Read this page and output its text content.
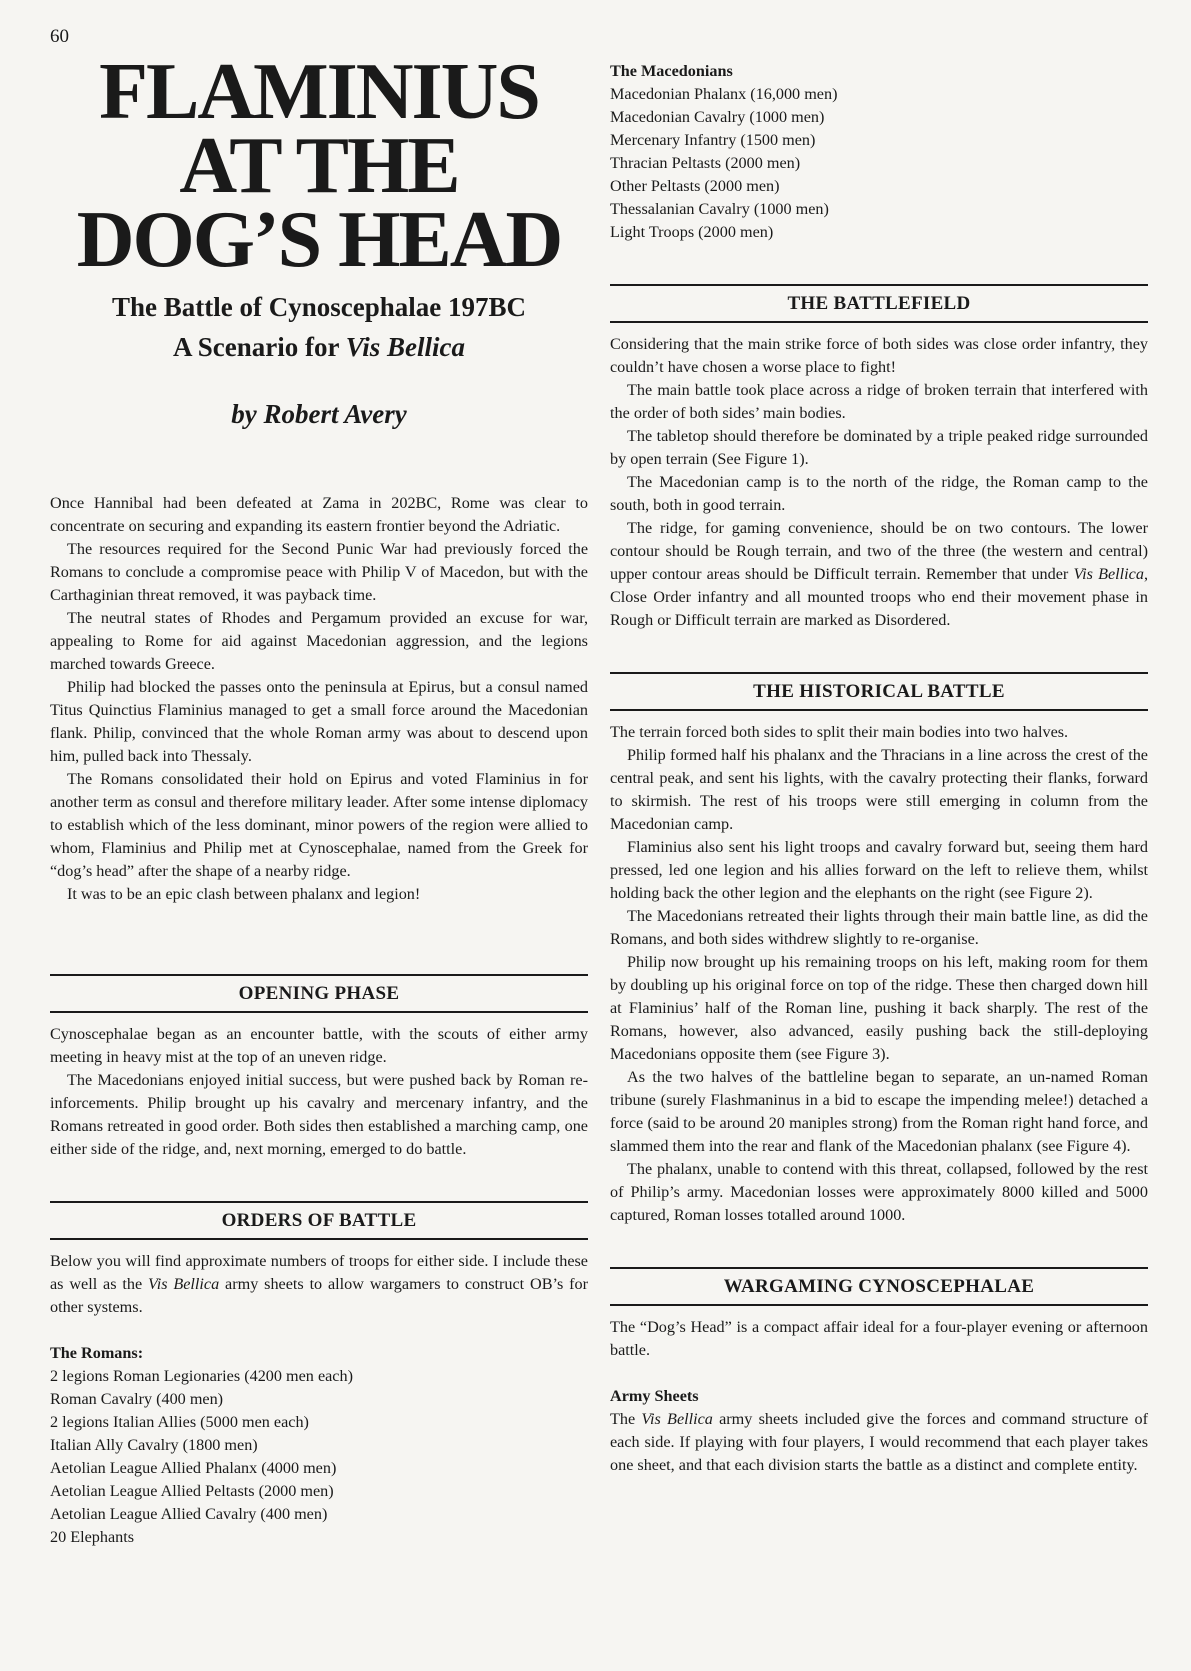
60
FLAMINIUS
AT THE
DOG’S HEAD
The Battle of Cynoscephalae 197BC
A Scenario for Vis Bellica
by Robert Avery

Once Hannibal had been defeated at Zama in 202BC, Rome was clear to concentrate on securing and expanding its eastern frontier beyond the Adriatic.

The resources required for the Second Punic War had previously forced the Romans to conclude a compromise peace with Philip V of Macedon, but with the Carthaginian threat removed, it was payback time.

The neutral states of Rhodes and Pergamum provided an excuse for war, appealing to Rome for aid against Macedonian aggression, and the legions marched towards Greece.

Philip had blocked the passes onto the peninsula at Epirus, but a consul named Titus Quinctius Flaminius managed to get a small force around the Macedonian flank. Philip, convinced that the whole Roman army was about to descend upon him, pulled back into Thessaly.

The Romans consolidated their hold on Epirus and voted Flaminius in for another term as consul and therefore military leader. After some intense diplomacy to establish which of the less dominant, minor powers of the region were allied to whom, Flaminius and Philip met at Cynoscephalae, named from the Greek for “dog’s head” after the shape of a nearby ridge.

It was to be an epic clash between phalanx and legion!

OPENING PHASE

Cynoscephalae began as an encounter battle, with the scouts of either army meeting in heavy mist at the top of an uneven ridge.

The Macedonians enjoyed initial success, but were pushed back by Roman re-inforcements. Philip brought up his cavalry and mercenary infantry, and the Romans retreated in good order. Both sides then established a marching camp, one either side of the ridge, and, next morning, emerged to do battle.

ORDERS OF BATTLE

Below you will find approximate numbers of troops for either side. I include these as well as the Vis Bellica army sheets to allow wargamers to construct OB’s for other systems.

The Romans:
2 legions Roman Legionaries (4200 men each)
Roman Cavalry (400 men)
2 legions Italian Allies (5000 men each)
Italian Ally Cavalry (1800 men)
Aetolian League Allied Phalanx (4000 men)
Aetolian League Allied Peltasts (2000 men)
Aetolian League Allied Cavalry (400 men)
20 Elephants
The Macedonians
Macedonian Phalanx (16,000 men)
Macedonian Cavalry (1000 men)
Mercenary Infantry (1500 men)
Thracian Peltasts (2000 men)
Other Peltasts (2000 men)
Thessalanian Cavalry (1000 men)
Light Troops (2000 men)
THE BATTLEFIELD

Considering that the main strike force of both sides was close order infantry, they couldn’t have chosen a worse place to fight!

The main battle took place across a ridge of broken terrain that interfered with the order of both sides’ main bodies.

The tabletop should therefore be dominated by a triple peaked ridge surrounded by open terrain (See Figure 1).

The Macedonian camp is to the north of the ridge, the Roman camp to the south, both in good terrain.

The ridge, for gaming convenience, should be on two contours. The lower contour should be Rough terrain, and two of the three (the western and central) upper contour areas should be Difficult terrain. Remember that under Vis Bellica, Close Order infantry and all mounted troops who end their movement phase in Rough or Difficult terrain are marked as Disordered.

THE HISTORICAL BATTLE

The terrain forced both sides to split their main bodies into two halves.

Philip formed half his phalanx and the Thracians in a line across the crest of the central peak, and sent his lights, with the cavalry protecting their flanks, forward to skirmish. The rest of his troops were still emerging in column from the Macedonian camp.

Flaminius also sent his light troops and cavalry forward but, seeing them hard pressed, led one legion and his allies forward on the left to relieve them, whilst holding back the other legion and the elephants on the right (see Figure 2).

The Macedonians retreated their lights through their main battle line, as did the Romans, and both sides withdrew slightly to re-organise.

Philip now brought up his remaining troops on his left, making room for them by doubling up his original force on top of the ridge. These then charged down hill at Flaminius’ half of the Roman line, pushing it back sharply. The rest of the Romans, however, also advanced, easily pushing back the still-deploying Macedonians opposite them (see Figure 3).

As the two halves of the battleline began to separate, an un-named Roman tribune (surely Flashmaninus in a bid to escape the impending melee!) detached a force (said to be around 20 maniples strong) from the Roman right hand force, and slammed them into the rear and flank of the Macedonian phalanx (see Figure 4).

The phalanx, unable to contend with this threat, collapsed, followed by the rest of Philip’s army. Macedonian losses were approximately 8000 killed and 5000 captured, Roman losses totalled around 1000.

WARGAMING CYNOSCEPHALAE

The “Dog’s Head” is a compact affair ideal for a four-player evening or afternoon battle.

Army Sheets

The Vis Bellica army sheets included give the forces and command structure of each side. If playing with four players, I would recommend that each player takes one sheet, and that each division starts the battle as a distinct and complete entity.
